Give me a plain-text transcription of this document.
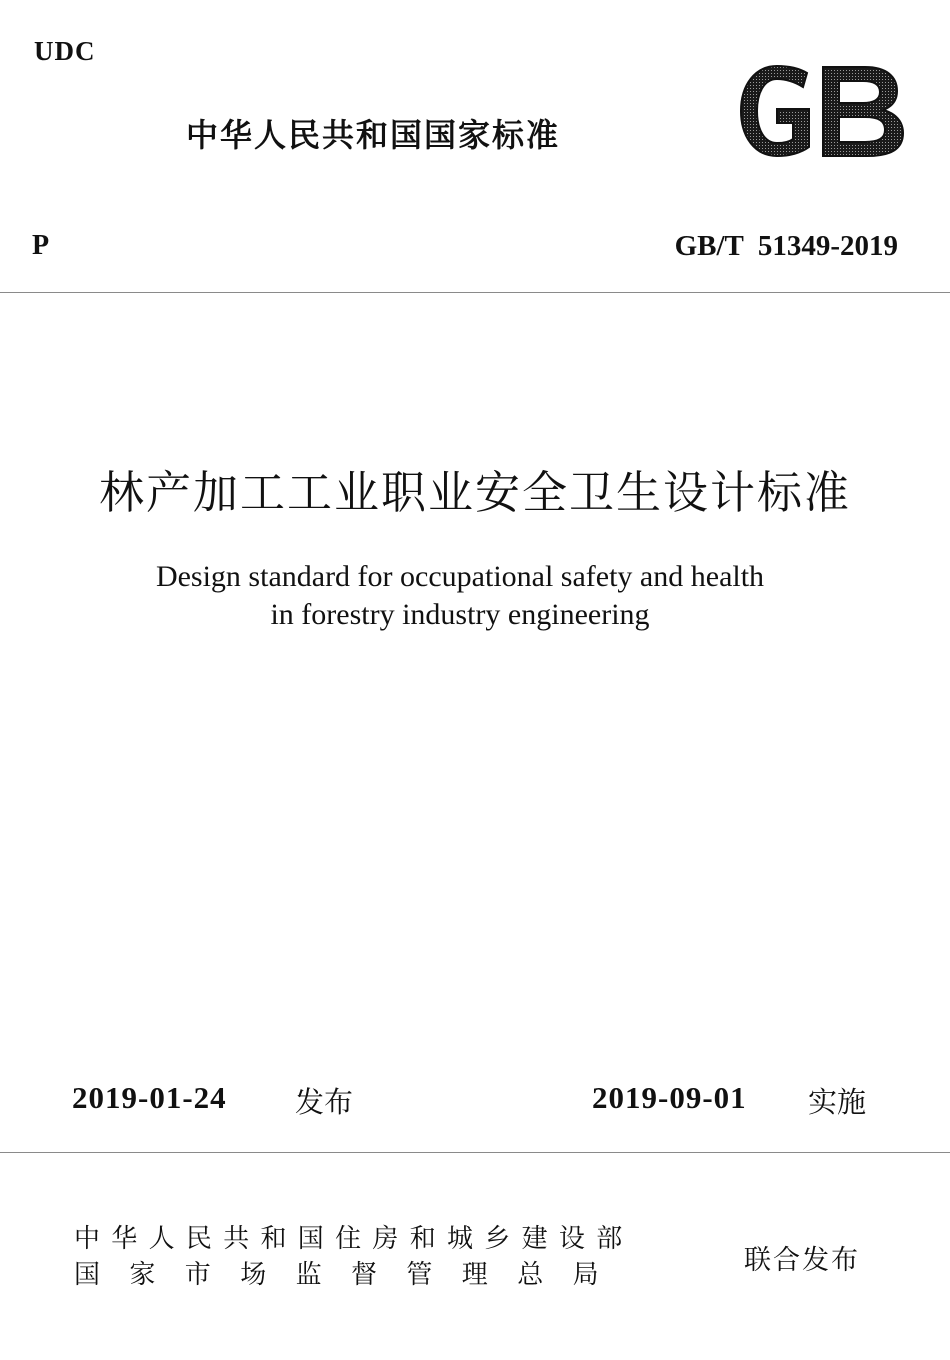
UDC
中华人民共和国国家标准
GB
P	GB/T  51349-2019
林产加工工业职业安全卫生设计标准
Design standard for occupational safety and health
in forestry industry engineering
2019-01-24 发布	2019-09-01 实施
中华人民共和国住房和城乡建设部
国家市场监督管理总局	联合发布
